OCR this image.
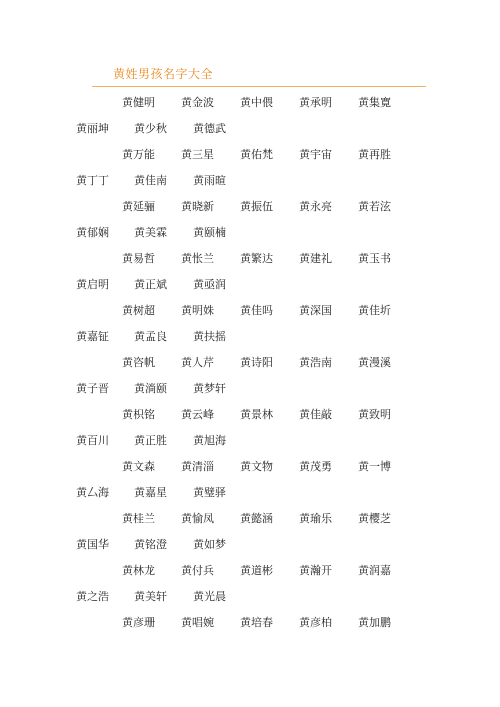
黄姓男孩名字大全
黄健明 黄金波 黄中偎 黄承明 黄集寛
黄丽坤 黄少秋 黄德武
黄万能 黄三星 黄佑梵 黄宇宙 黄再胜
黄丁丁 黄佳南 黄雨暄
黄延骊 黄晓新 黄振伍 黄永亮 黄若泫
黄郁娴 黄美霖 黄颐楠
黄易哲 黄怅兰 黄繁达 黄建礼 黄玉书
黄启明 黄正斌 黄亟润
黄树超 黄明姝 黄佳吗 黄深国 黄佳圻
黄嘉钲 黄孟良 黄扶摇
黄咨帆 黄人芹 黄诗阳 黄浩南 黄漫溪
黄子晋 黄淌颐 黄梦轩
黄枳铭 黄云峰 黄景林 黄佳敲 黄致明
黄百川 黄正胜 黄旭海
黄文森 黄清淄 黄文物 黄茂勇 黄一博
黄厶海 黄嘉星 黄璧驿
黄桂兰 黄愉凤 黄懿涵 黄瑜乐 黄樱芝
黄国华 黄铭澄 黄如梦
黄林龙 黄付兵 黄道彬 黄瀚开 黄润嘉
黄之浩 黄美轩 黄光晨
黄彦珊 黄唱婉 黄培春 黄彦柏 黄加鹏
